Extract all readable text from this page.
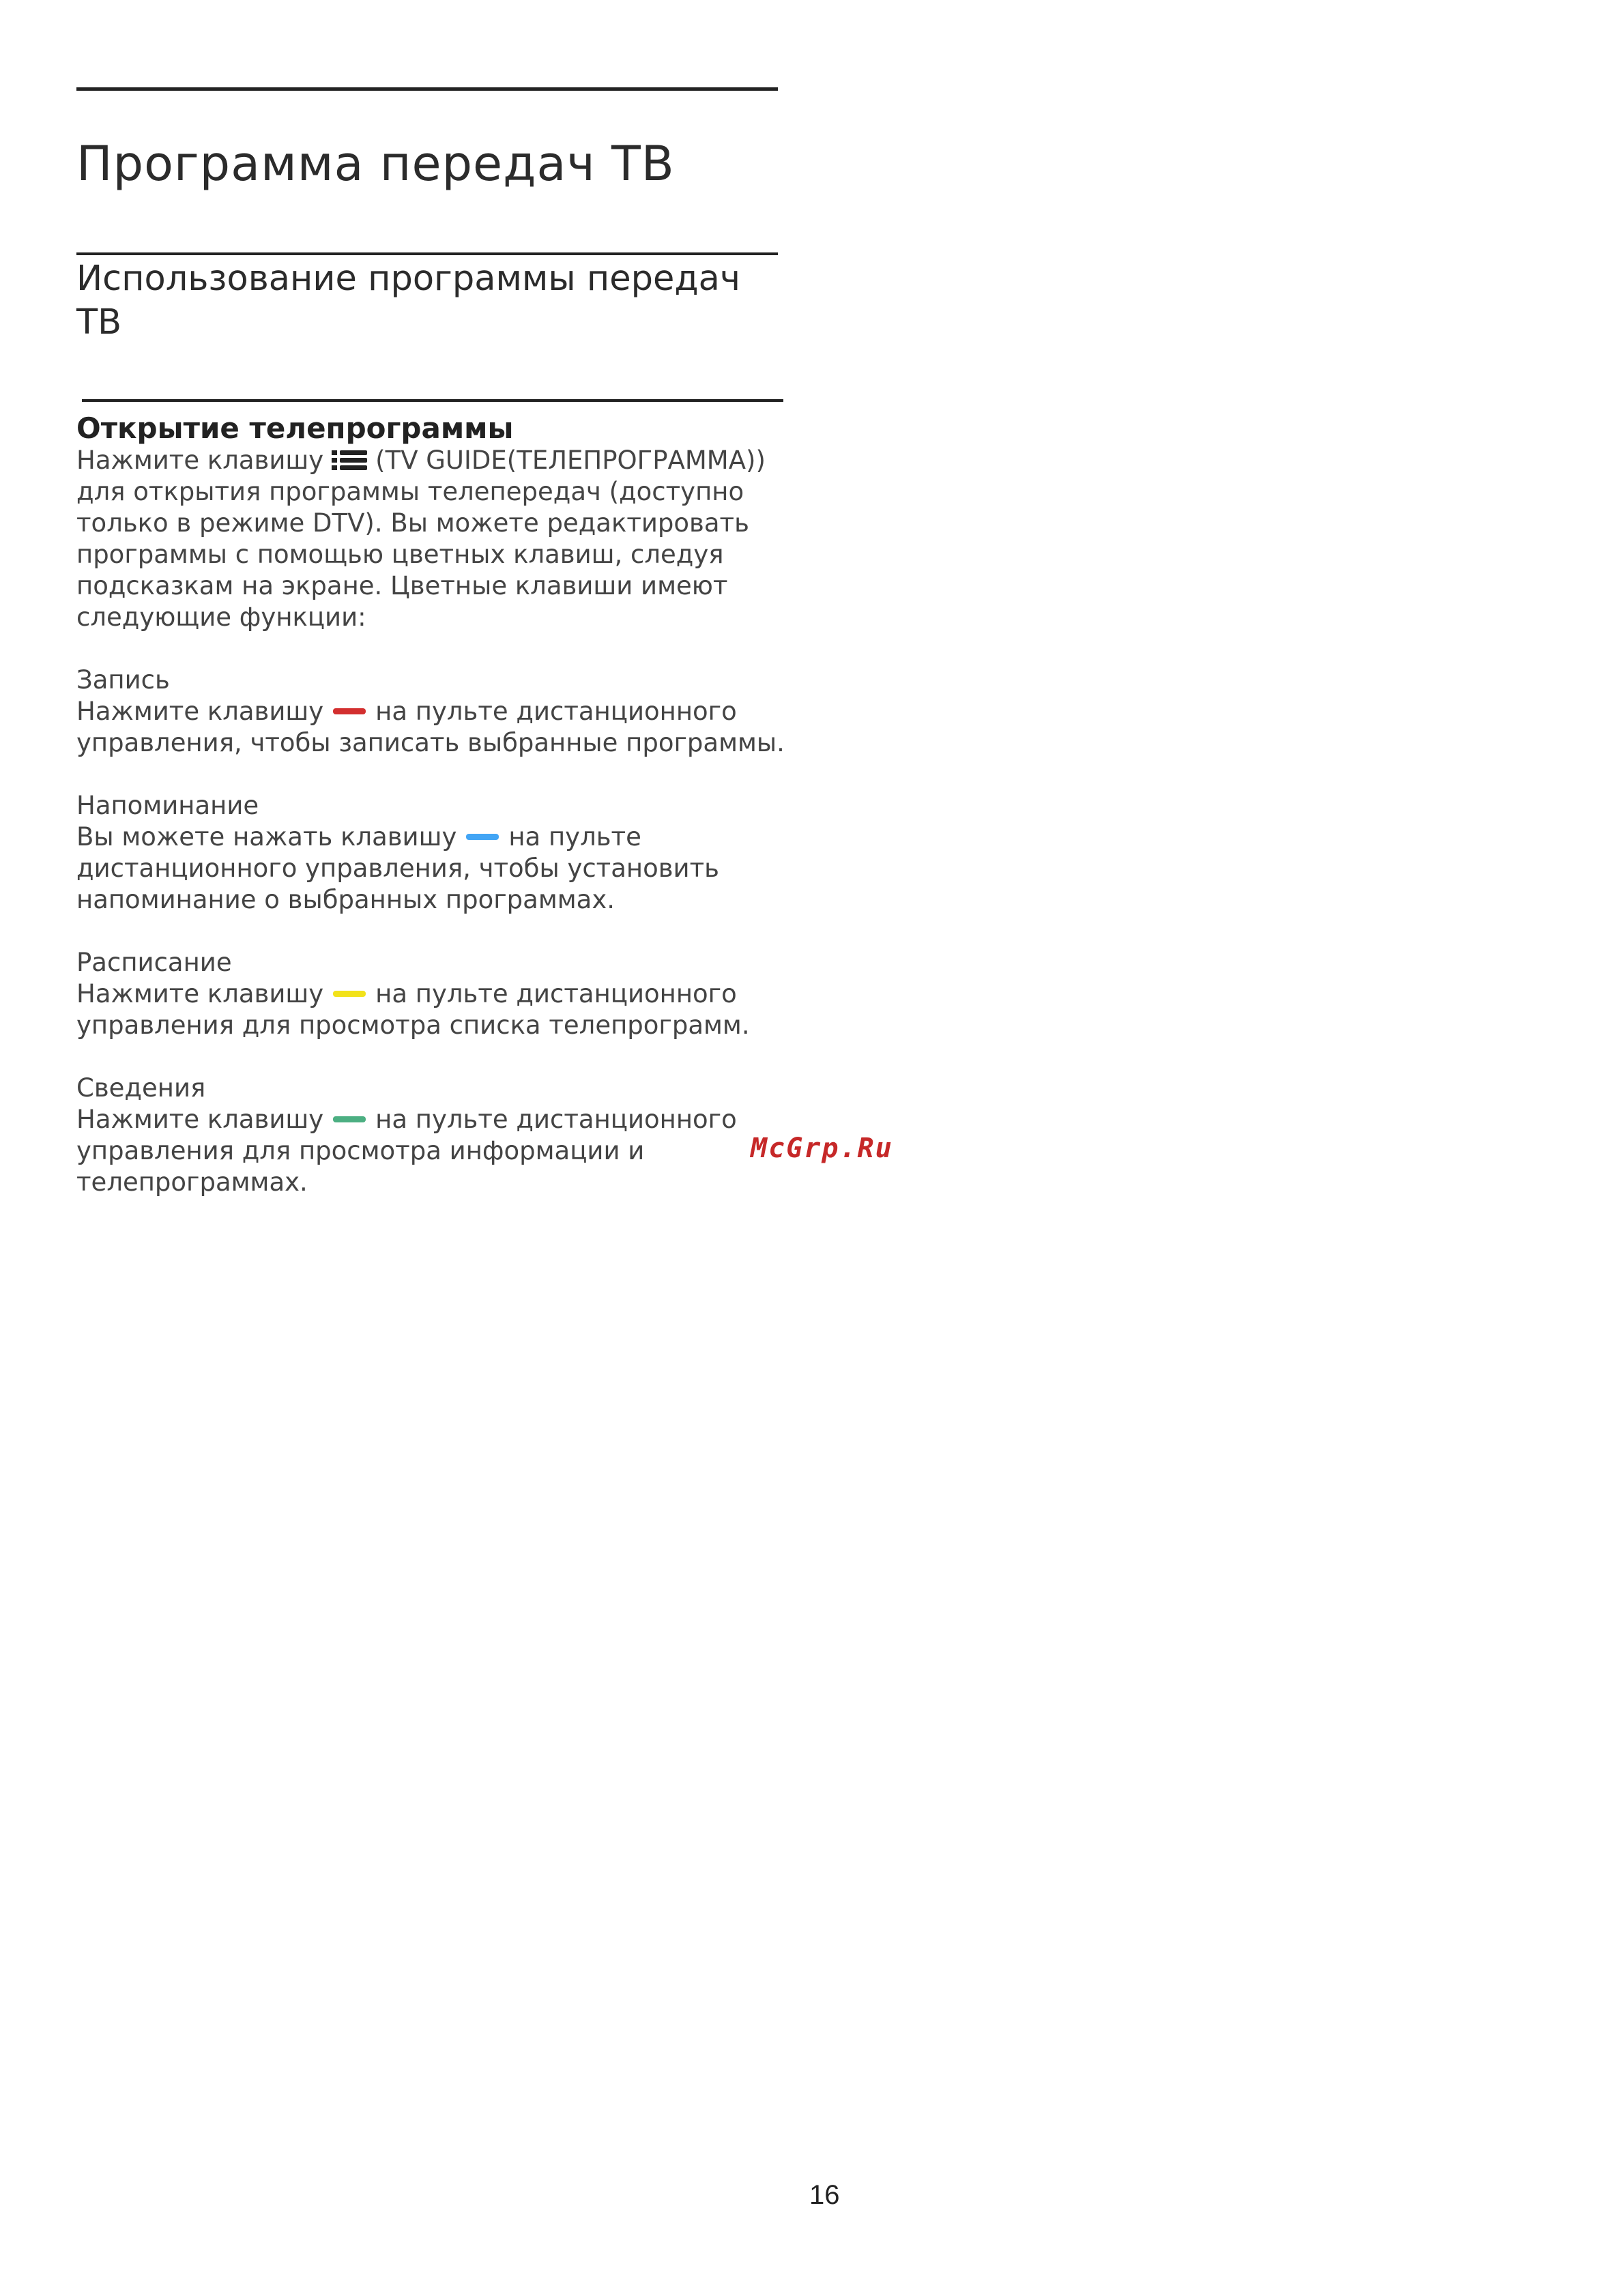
Программа передач ТВ
Использование программы передач ТВ
Открытие телепрограммы

Нажмите клавишу (TV GUIDE(ТЕЛЕПРОГРАММА)) для открытия программы телепередач (доступно только в режиме DTV). Вы можете редактировать программы с помощью цветных клавиш, следуя подсказкам на экране. Цветные клавиши имеют следующие функции:

Запись

Нажмите клавишу на пульте дистанционного управления, чтобы записать выбранные программы.

Напоминание

Вы можете нажать клавишу на пульте дистанционного управления, чтобы установить напоминание о выбранных программах.

Расписание

Нажмите клавишу на пульте дистанционного управления для просмотра списка телепрограмм.

Сведения

Нажмите клавишу на пульте дистанционного управления для просмотра информации и телепрограммах.

McGrp.Ru
16
